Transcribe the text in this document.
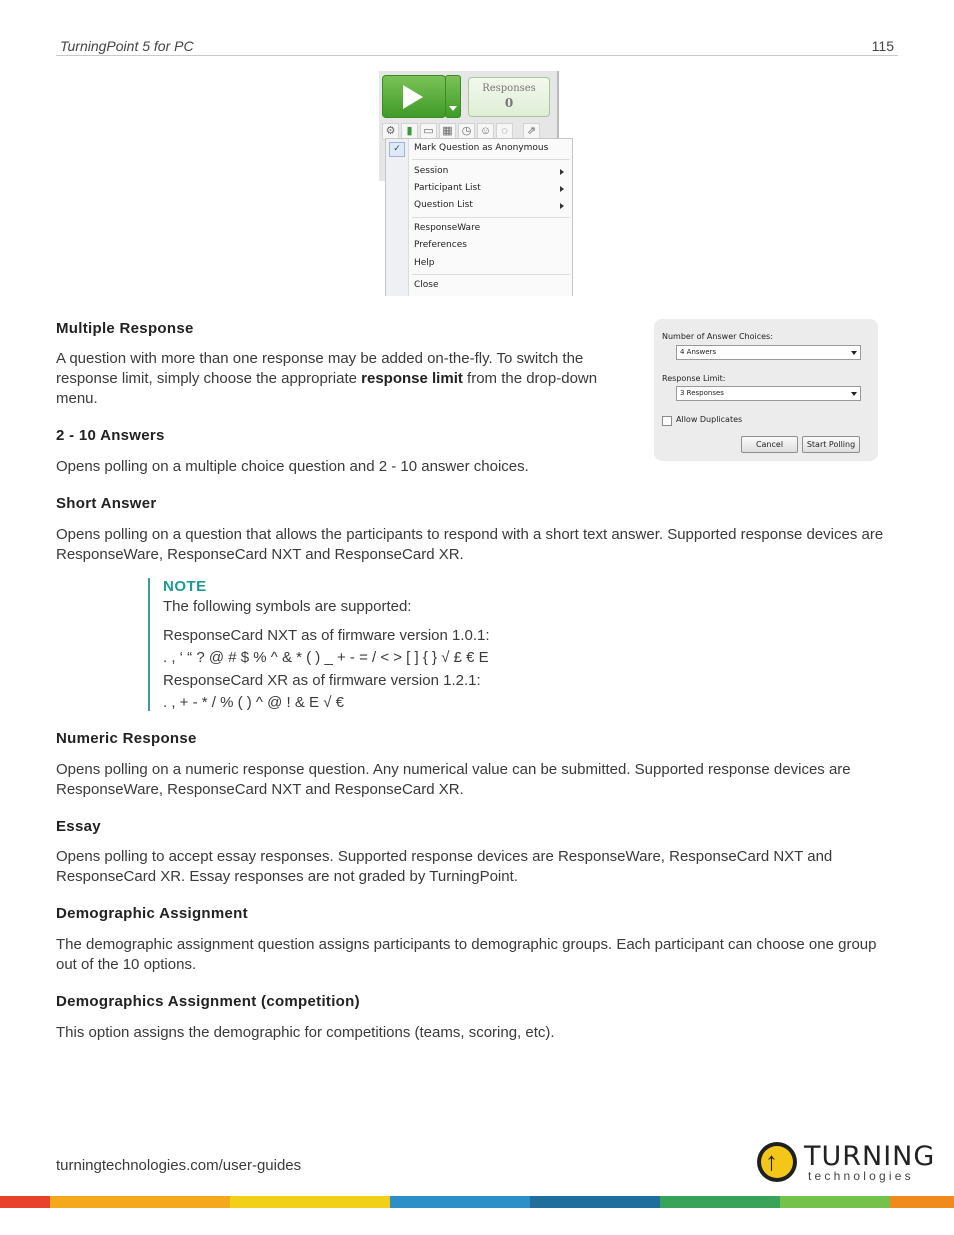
TurningPoint 5 for PC	115
Responses
0
⚙ ▮ ▭ ▦ ◷ ☺ ◌ ⇗
✓	Mark Question as Anonymous
Session
Participant List
Question List
ResponseWare
Preferences
Help
Close
Multiple Response
A question with more than one response may be added on-the-fly. To switch the
response limit, simply choose the appropriate response limit from the drop-down
menu.
Number of Answer Choices:
4 Answers
Response Limit:
3 Responses
Allow Duplicates
Cancel	Start Polling
2 - 10 Answers
Opens polling on a multiple choice question and 2 - 10 answer choices.
Short Answer
Opens polling on a question that allows the participants to respond with a short text answer. Supported response devices are
ResponseWare, ResponseCard NXT and ResponseCard XR.
NOTE
The following symbols are supported:
ResponseCard NXT as of firmware version 1.0.1:
. , ‘ “ ? @ # $ % ^ & * ( ) _ + - = / < > [ ] { } √ £ € E
ResponseCard XR as of firmware version 1.2.1:
. , + - * / % ( ) ^ @ ! & E √ €
Numeric Response
Opens polling on a numeric response question. Any numerical value can be submitted. Supported response devices are
ResponseWare, ResponseCard NXT and ResponseCard XR.
Essay
Opens polling to accept essay responses. Supported response devices are ResponseWare, ResponseCard NXT and
ResponseCard XR. Essay responses are not graded by TurningPoint.
Demographic Assignment
The demographic assignment question assigns participants to demographic groups. Each participant can choose one group
out of the 10 options.
Demographics Assignment (competition)
This option assigns the demographic for competitions (teams, scoring, etc).
turningtechnologies.com/user-guides	↑ TURNING
technologies
